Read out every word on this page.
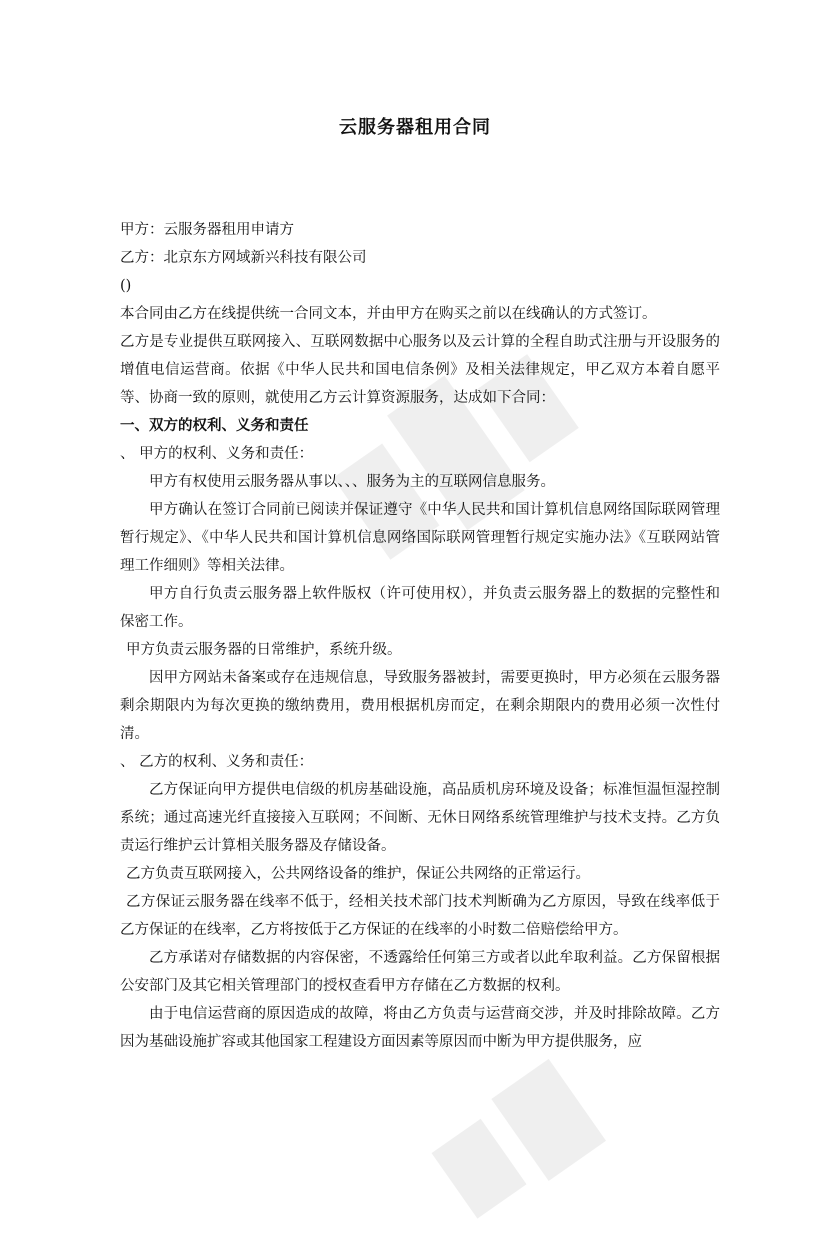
云服务器租用合同

甲方：云服务器租用申请方

乙方：北京东方网域新兴科技有限公司

()

本合同由乙方在线提供统一合同文本，并由甲方在购买之前以在线确认的方式签订。

乙方是专业提供互联网接入、互联网数据中心服务以及云计算的全程自助式注册与开设服务的增值电信运营商。依据《中华人民共和国电信条例》及相关法律规定，甲乙双方本着自愿平等、协商一致的原则，就使用乙方云计算资源服务，达成如下合同：

一、双方的权利、义务和责任

、 甲方的权利、义务和责任：

甲方有权使用云服务器从事以、、、服务为主的互联网信息服务。

甲方确认在签订合同前已阅读并保证遵守《中华人民共和国计算机信息网络国际联网管理暂行规定》、《中华人民共和国计算机信息网络国际联网管理暂行规定实施办法》《互联网站管理工作细则》等相关法律。

甲方自行负责云服务器上软件版权（许可使用权），并负责云服务器上的数据的完整性和保密工作。

甲方负责云服务器的日常维护，系统升级。

因甲方网站未备案或存在违规信息，导致服务器被封，需要更换时，甲方必须在云服务器剩余期限内为每次更换的缴纳费用，费用根据机房而定，在剩余期限内的费用必须一次性付清。

、 乙方的权利、义务和责任：

乙方保证向甲方提供电信级的机房基础设施，高品质机房环境及设备；标准恒温恒湿控制系统；通过高速光纤直接接入互联网；不间断、无休日网络系统管理维护与技术支持。乙方负责运行维护云计算相关服务器及存储设备。

乙方负责互联网接入，公共网络设备的维护，保证公共网络的正常运行。

乙方保证云服务器在线率不低于，经相关技术部门技术判断确为乙方原因，导致在线率低于乙方保证的在线率，乙方将按低于乙方保证的在线率的小时数二倍赔偿给甲方。

乙方承诺对存储数据的内容保密，不透露给任何第三方或者以此牟取利益。乙方保留根据公安部门及其它相关管理部门的授权查看甲方存储在乙方数据的权利。

由于电信运营商的原因造成的故障，将由乙方负责与运营商交涉，并及时排除故障。乙方因为基础设施扩容或其他国家工程建设方面因素等原因而中断为甲方提供服务，应
